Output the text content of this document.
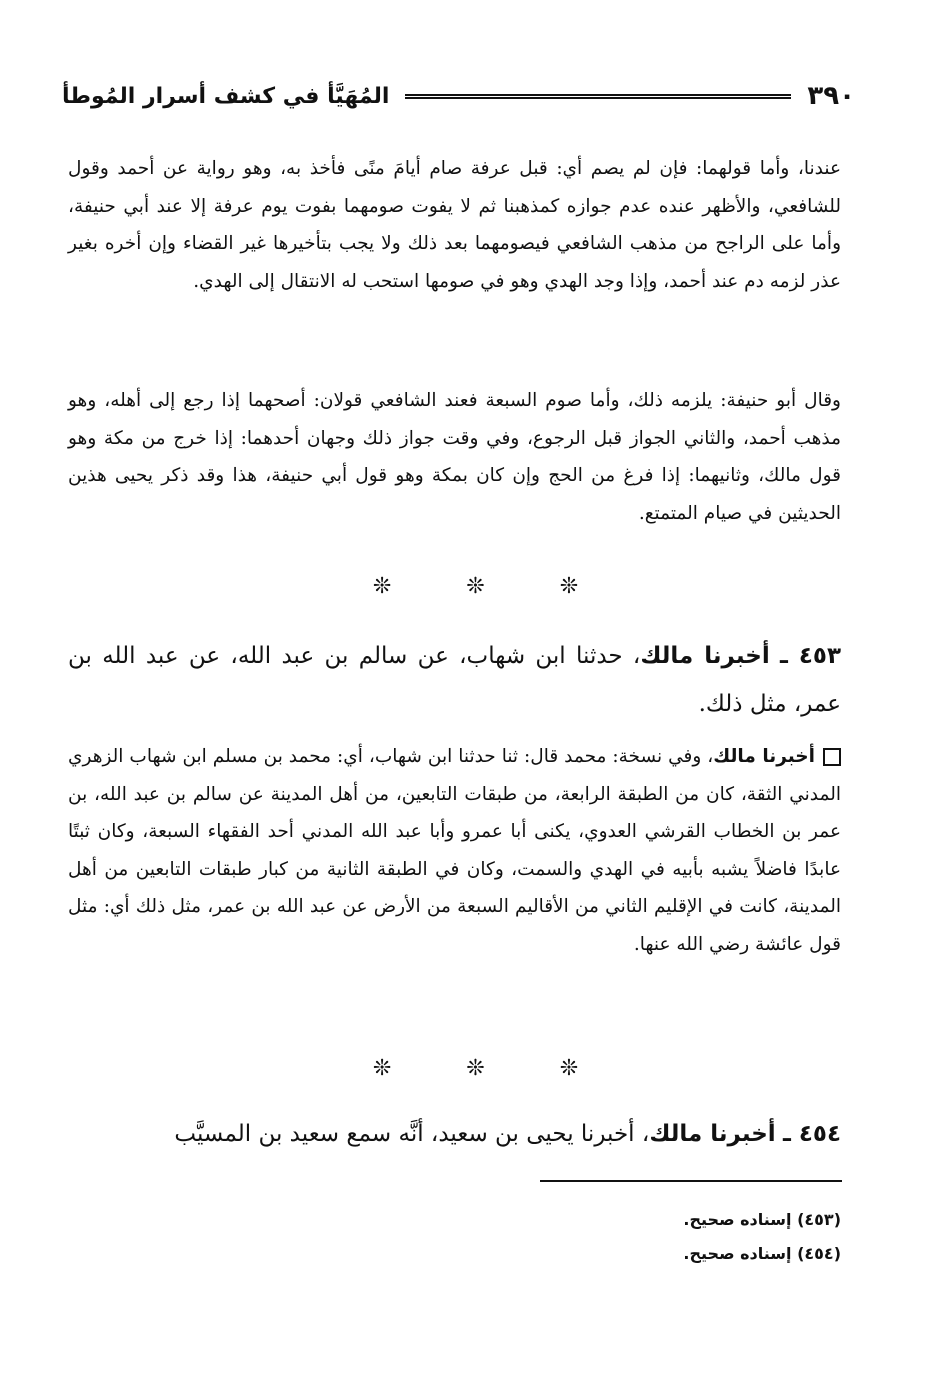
٣٩٠
المُهَيَّأ في كشف أسرار المُوطأ
عندنا، وأما قولهما: فإن لم يصم أي: قبل عرفة صام أيامَ منًى فأخذ به، وهو رواية عن أحمد وقول للشافعي، والأظهر عنده عدم جوازه كمذهبنا ثم لا يفوت صومهما بفوت يوم عرفة إلا عند أبي حنيفة، وأما على الراجح من مذهب الشافعي فيصومهما بعد ذلك ولا يجب بتأخيرها غير القضاء وإن أخره بغير عذر لزمه دم عند أحمد، وإذا وجد الهدي وهو في صومها استحب له الانتقال إلى الهدي.
وقال أبو حنيفة: يلزمه ذلك، وأما صوم السبعة فعند الشافعي قولان: أصحهما إذا رجع إلى أهله، وهو مذهب أحمد، والثاني الجواز قبل الرجوع، وفي وقت جواز ذلك وجهان أحدهما: إذا خرج من مكة وهو قول مالك، وثانيهما: إذا فرغ من الحج وإن كان بمكة وهو قول أبي حنيفة، هذا وقد ذكر يحيى هذين الحديثين في صيام المتمتع.
❊	❊	❊
٤٥٣ ـ أخبرنا مالك، حدثنا ابن شهاب، عن سالم بن عبد الله، عن عبد الله بن عمر، مثل ذلك.
أخبرنا مالك، وفي نسخة: محمد قال: ثنا حدثنا ابن شهاب، أي: محمد بن مسلم ابن شهاب الزهري المدني الثقة، كان من الطبقة الرابعة، من طبقات التابعين، من أهل المدينة عن سالم بن عبد الله، بن عمر بن الخطاب القرشي العدوي، يكنى أبا عمرو وأبا عبد الله المدني أحد الفقهاء السبعة، وكان ثبتًا عابدًا فاضلاً يشبه بأبيه في الهدي والسمت، وكان في الطبقة الثانية من كبار طبقات التابعين من أهل المدينة، كانت في الإقليم الثاني من الأقاليم السبعة من الأرض عن عبد الله بن عمر، مثل ذلك أي: مثل قول عائشة رضي الله عنها.
❊	❊	❊
٤٥٤ ـ أخبرنا مالك، أخبرنا يحيى بن سعيد، أنَّه سمع سعيد بن المسيَّب
(٤٥٣) إسناده صحيح.
(٤٥٤) إسناده صحيح.
